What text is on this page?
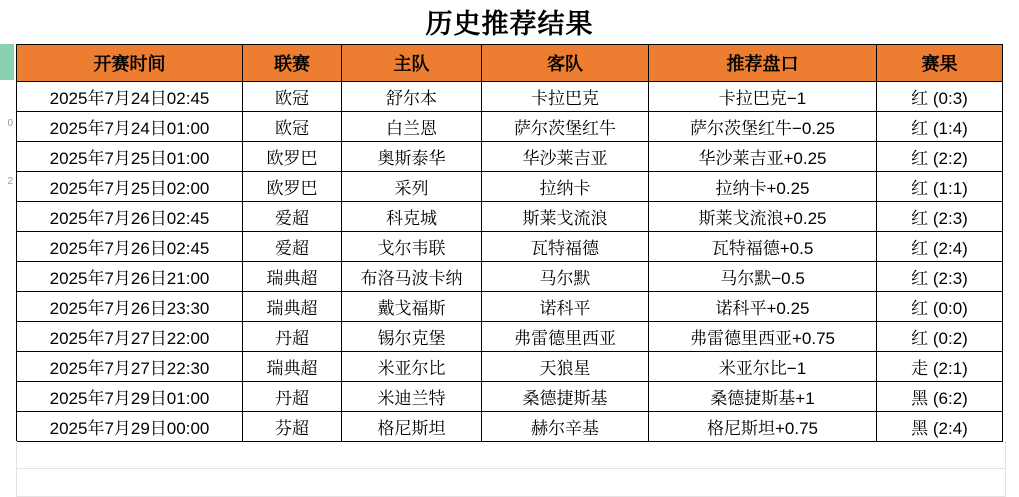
历史推荐结果
0
2
开赛时间	联赛	主队	客队	推荐盘口	赛果
2025年7月24日02:45	欧冠	舒尔本	卡拉巴克	卡拉巴克−1	红 (0:3)
2025年7月24日01:00	欧冠	白兰恩	萨尔茨堡红牛	萨尔茨堡红牛−0.25	红 (1:4)
2025年7月25日01:00	欧罗巴	奥斯泰华	华沙莱吉亚	华沙莱吉亚+0.25	红 (2:2)
2025年7月25日02:00	欧罗巴	采列	拉纳卡	拉纳卡+0.25	红 (1:1)
2025年7月26日02:45	爱超	科克城	斯莱戈流浪	斯莱戈流浪+0.25	红 (2:3)
2025年7月26日02:45	爱超	戈尔韦联	瓦特福德	瓦特福德+0.5	红 (2:4)
2025年7月26日21:00	瑞典超	布洛马波卡纳	马尔默	马尔默−0.5	红 (2:3)
2025年7月26日23:30	瑞典超	戴戈福斯	诺科平	诺科平+0.25	红 (0:0)
2025年7月27日22:00	丹超	锡尔克堡	弗雷德里西亚	弗雷德里西亚+0.75	红 (0:2)
2025年7月27日22:30	瑞典超	米亚尔比	天狼星	米亚尔比−1	走 (2:1)
2025年7月29日01:00	丹超	米迪兰特	桑德捷斯基	桑德捷斯基+1	黑 (6:2)
2025年7月29日00:00	芬超	格尼斯坦	赫尔辛基	格尼斯坦+0.75	黑 (2:4)
